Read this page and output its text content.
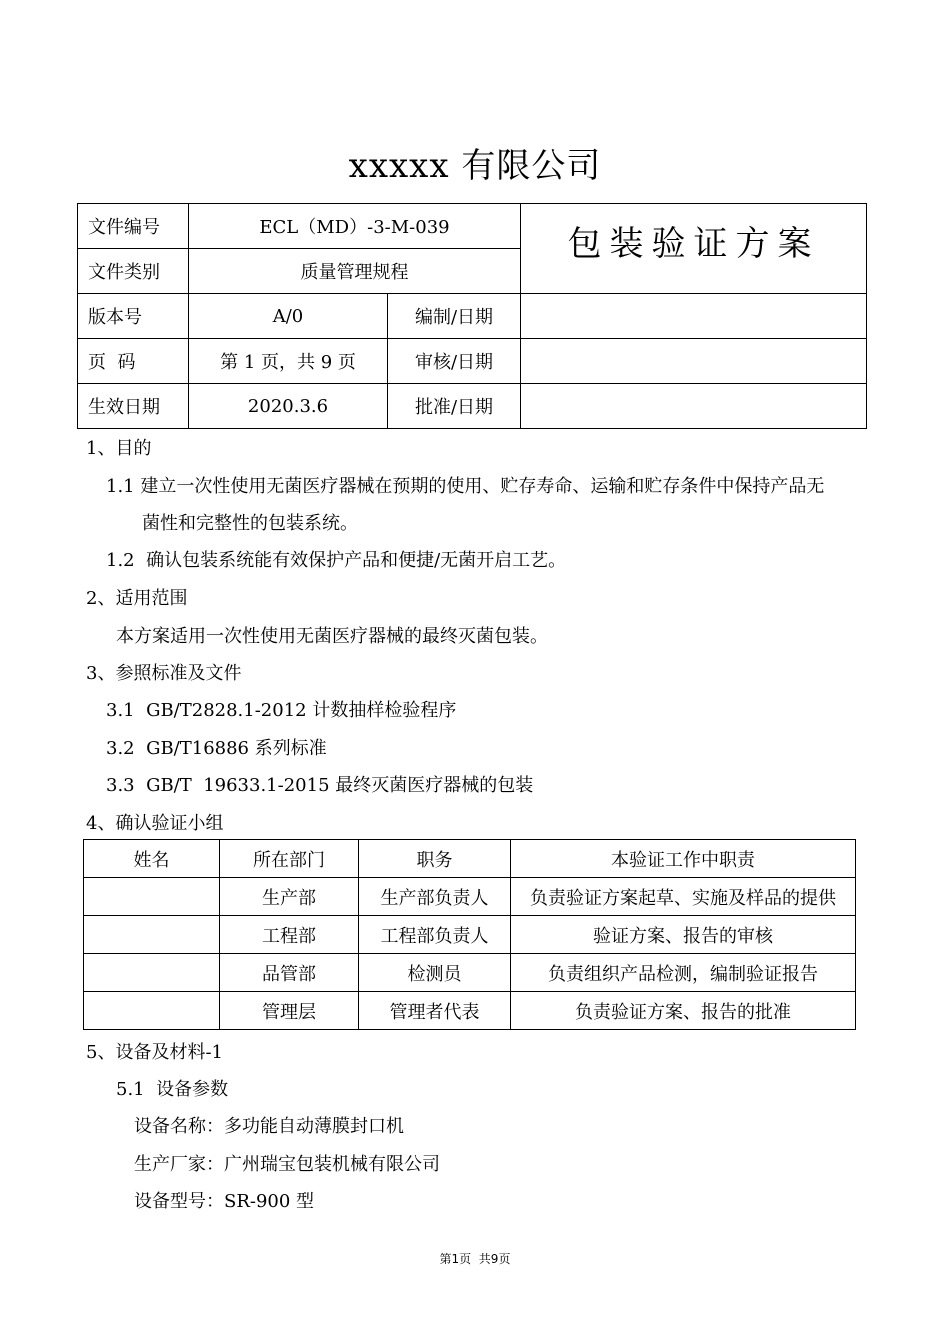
xxxxx 有限公司
文件编号	ECL（MD）-3-M-039		包装验证方案
文件类别	质量管理规程		
版本号	A/0	编制/日期	
页  码	第 1 页，共 9 页	审核/日期	
生效日期	2020.3.6	批准/日期	
1、目的
1.1 建立一次性使用无菌医疗器械在预期的使用、贮存寿命、运输和贮存条件中保持产品无
菌性和完整性的包装系统。
1.2  确认包装系统能有效保护产品和便捷/无菌开启工艺。
2、适用范围
本方案适用一次性使用无菌医疗器械的最终灭菌包装。
3、参照标准及文件
3.1  GB/T2828.1-2012 计数抽样检验程序
3.2  GB/T16886 系列标准
3.3  GB/T  19633.1-2015 最终灭菌医疗器械的包装
4、确认验证小组
姓名	所在部门	职务	本验证工作中职责
	生产部	生产部负责人	负责验证方案起草、实施及样品的提供
	工程部	工程部负责人	验证方案、报告的审核
	品管部	检测员	负责组织产品检测，编制验证报告
	管理层	管理者代表	负责验证方案、报告的批准
5、设备及材料-1
5.1  设备参数
设备名称：多功能自动薄膜封口机
生产厂家：广州瑞宝包装机械有限公司
设备型号：SR-900 型
第1页  共9页
